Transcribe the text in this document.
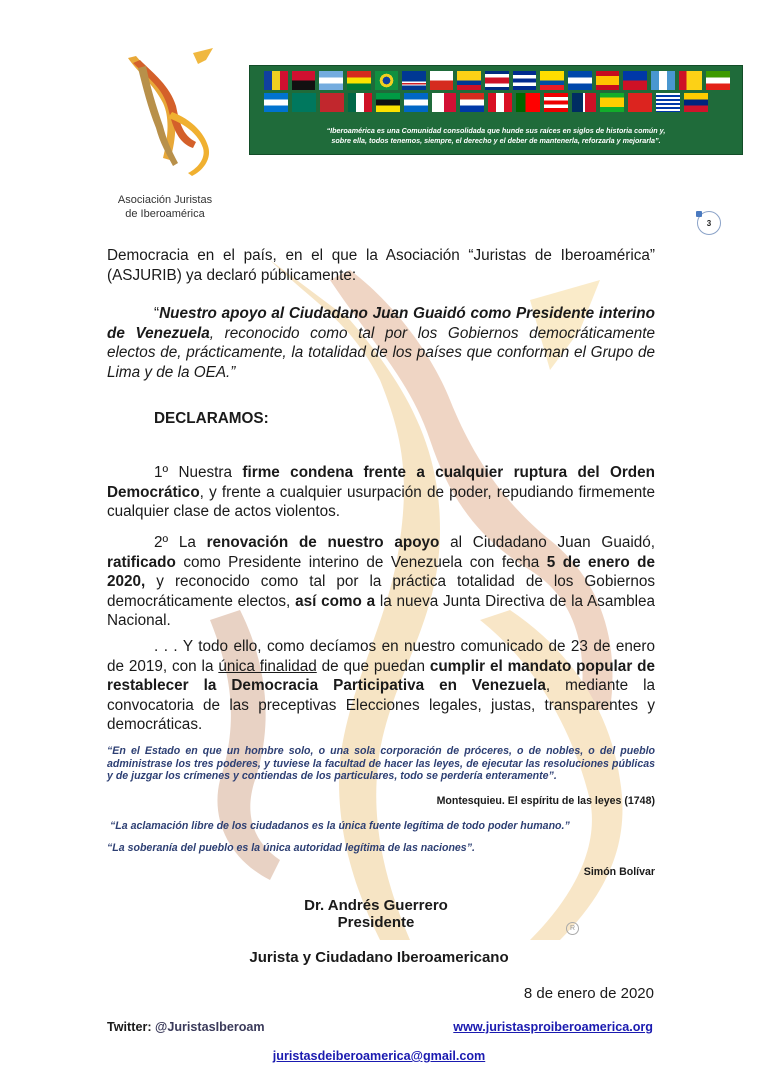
Asociación Juristas
de Iberoamérica
“Iberoamérica es una Comunidad consolidada que hunde sus raíces en siglos de historia común y,
sobre ella, todos tenemos, siempre, el derecho y el deber de mantenerla, reforzarla y mejorarla”.
3
Democracia en el país, en el que la Asociación “Juristas de Iberoamérica” (ASJURIB) ya declaró públicamente:
“Nuestro apoyo al Ciudadano Juan Guaidó como Presidente interino de Venezuela, reconocido como tal por los Gobiernos democráticamente electos de, prácticamente, la totalidad de los países que conforman el Grupo de Lima y de la OEA.”
DECLARAMOS:
1º Nuestra firme condena frente a cualquier ruptura del Orden Democrático, y frente a cualquier usurpación de poder, repudiando firmemente cualquier clase de actos violentos.
2º La renovación de nuestro apoyo al Ciudadano Juan Guaidó, ratificado como Presidente interino de Venezuela con fecha 5 de enero de 2020, y reconocido como tal por la práctica totalidad de los Gobiernos democráticamente electos, así como a la nueva Junta Directiva de la Asamblea Nacional.
. . . Y todo ello, como decíamos en nuestro comunicado de 23 de enero de 2019, con la única finalidad de que puedan cumplir el mandato popular de restablecer la Democracia Participativa en Venezuela, mediante la convocatoria de las preceptivas Elecciones legales, justas, transparentes y democráticas.
“En el Estado en que un hombre solo, o una sola corporación de próceres, o de nobles, o del pueblo administrase los tres poderes, y tuviese la facultad de hacer las leyes, de ejecutar las resoluciones públicas y de juzgar los crímenes y contiendas de los particulares, todo se perdería enteramente”.
Montesquieu. El espíritu de las leyes (1748)
“La aclamación libre de los ciudadanos es la única fuente legítima de todo poder humano.”
“La soberanía del pueblo es la única autoridad legítima de las naciones”.
Simón Bolívar
Dr. Andrés Guerrero
Presidente	R
Jurista y Ciudadano Iberoamericano
8 de enero de 2020
Twitter: @JuristasIberoam	www.juristasproiberoamerica.org
juristasdeiberoamerica@gmail.com
